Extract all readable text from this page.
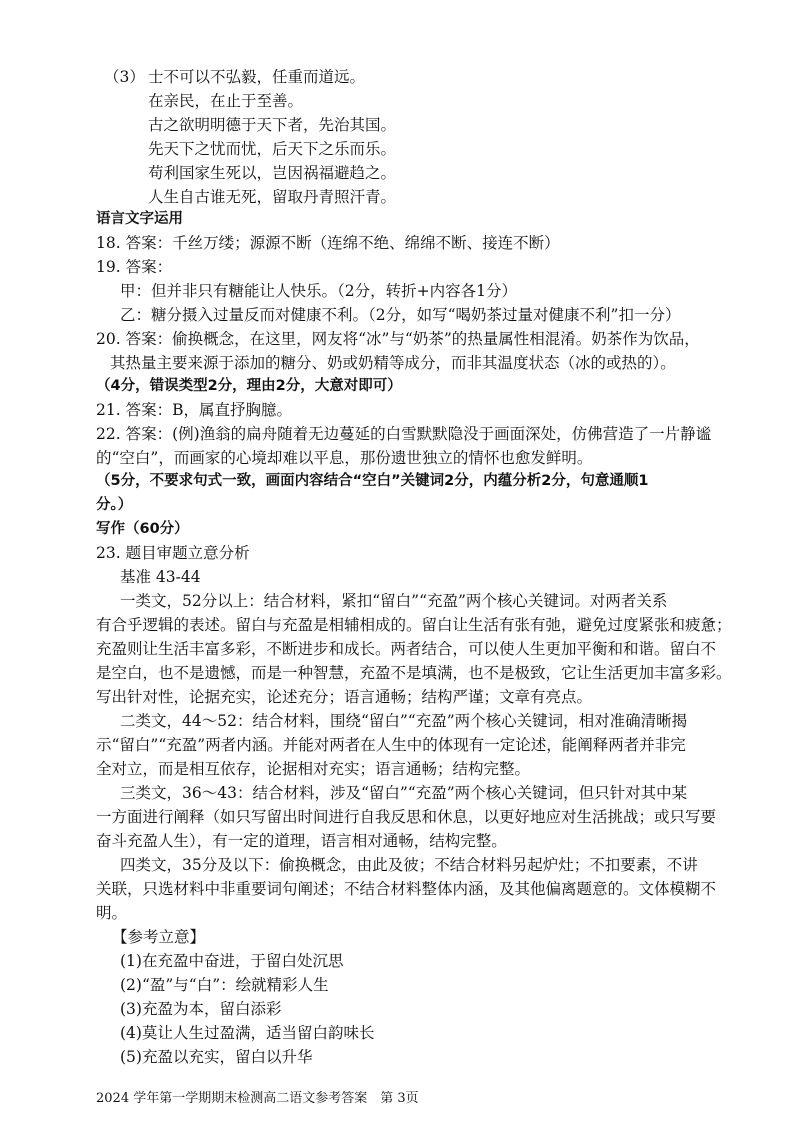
（3） 士不可以不弘毅，任重而道远。
在亲民，在止于至善。
古之欲明明德于天下者，先治其国。
先天下之忧而忧，后天下之乐而乐。
苟利国家生死以，岂因祸福避趋之。
人生自古谁无死，留取丹青照汗青。
语言文字运用
18. 答案：千丝万缕；源源不断（连绵不绝、绵绵不断、接连不断）
19. 答案：
甲：但并非只有糖能让人快乐。（2分，转折+内容各1分）
乙：糖分摄入过量反而对健康不利。（2分，如写“喝奶茶过量对健康不利”扣一分）
20. 答案：偷换概念，在这里，网友将“冰”与“奶茶”的热量属性相混淆。奶茶作为饮品，
其热量主要来源于添加的糖分、奶或奶精等成分，而非其温度状态（冰的或热的）。
（4分，错误类型2分，理由2分，大意对即可）
21. 答案：B，属直抒胸臆。
22. 答案：(例)渔翁的扁舟随着无边蔓延的白雪默默隐没于画面深处，仿佛营造了一片静谧
的“空白”，而画家的心境却难以平息，那份遗世独立的情怀也愈发鲜明。
（5分，不要求句式一致，画面内容结合“空白”关键词2分，内蕴分析2分，句意通顺1
分。）
写作（60分）
23. 题目审题立意分析
基准 43-44
一类文，52分以上：结合材料，紧扣“留白”“充盈”两个核心关键词。对两者关系
有合乎逻辑的表述。留白与充盈是相辅相成的。留白让生活有张有弛，避免过度紧张和疲惫；
充盈则让生活丰富多彩，不断进步和成长。两者结合，可以使人生更加平衡和和谐。留白不
是空白，也不是遗憾，而是一种智慧，充盈不是填满，也不是极致，它让生活更加丰富多彩。
写出针对性，论据充实，论述充分；语言通畅；结构严谨；文章有亮点。
二类文，44～52：结合材料，围绕“留白”“充盈”两个核心关键词，相对准确清晰揭
示“留白”“充盈”两者内涵。并能对两者在人生中的体现有一定论述，能阐释两者并非完
全对立，而是相互依存，论据相对充实；语言通畅；结构完整。
三类文，36～43：结合材料，涉及“留白”“充盈”两个核心关键词，但只针对其中某
一方面进行阐释（如只写留出时间进行自我反思和休息，以更好地应对生活挑战；或只写要
奋斗充盈人生），有一定的道理，语言相对通畅，结构完整。
四类文，35分及以下：偷换概念，由此及彼；不结合材料另起炉灶；不扣要素，不讲
关联，只选材料中非重要词句阐述；不结合材料整体内涵，及其他偏离题意的。文体模糊不
明。
【参考立意】
(1)在充盈中奋进，于留白处沉思
(2)“盈”与“白”：绘就精彩人生
(3)充盈为本，留白添彩
(4)莫让人生过盈满，适当留白韵味长
(5)充盈以充实，留白以升华
2024 学年第一学期期末检测高二语文参考答案　第 3页
